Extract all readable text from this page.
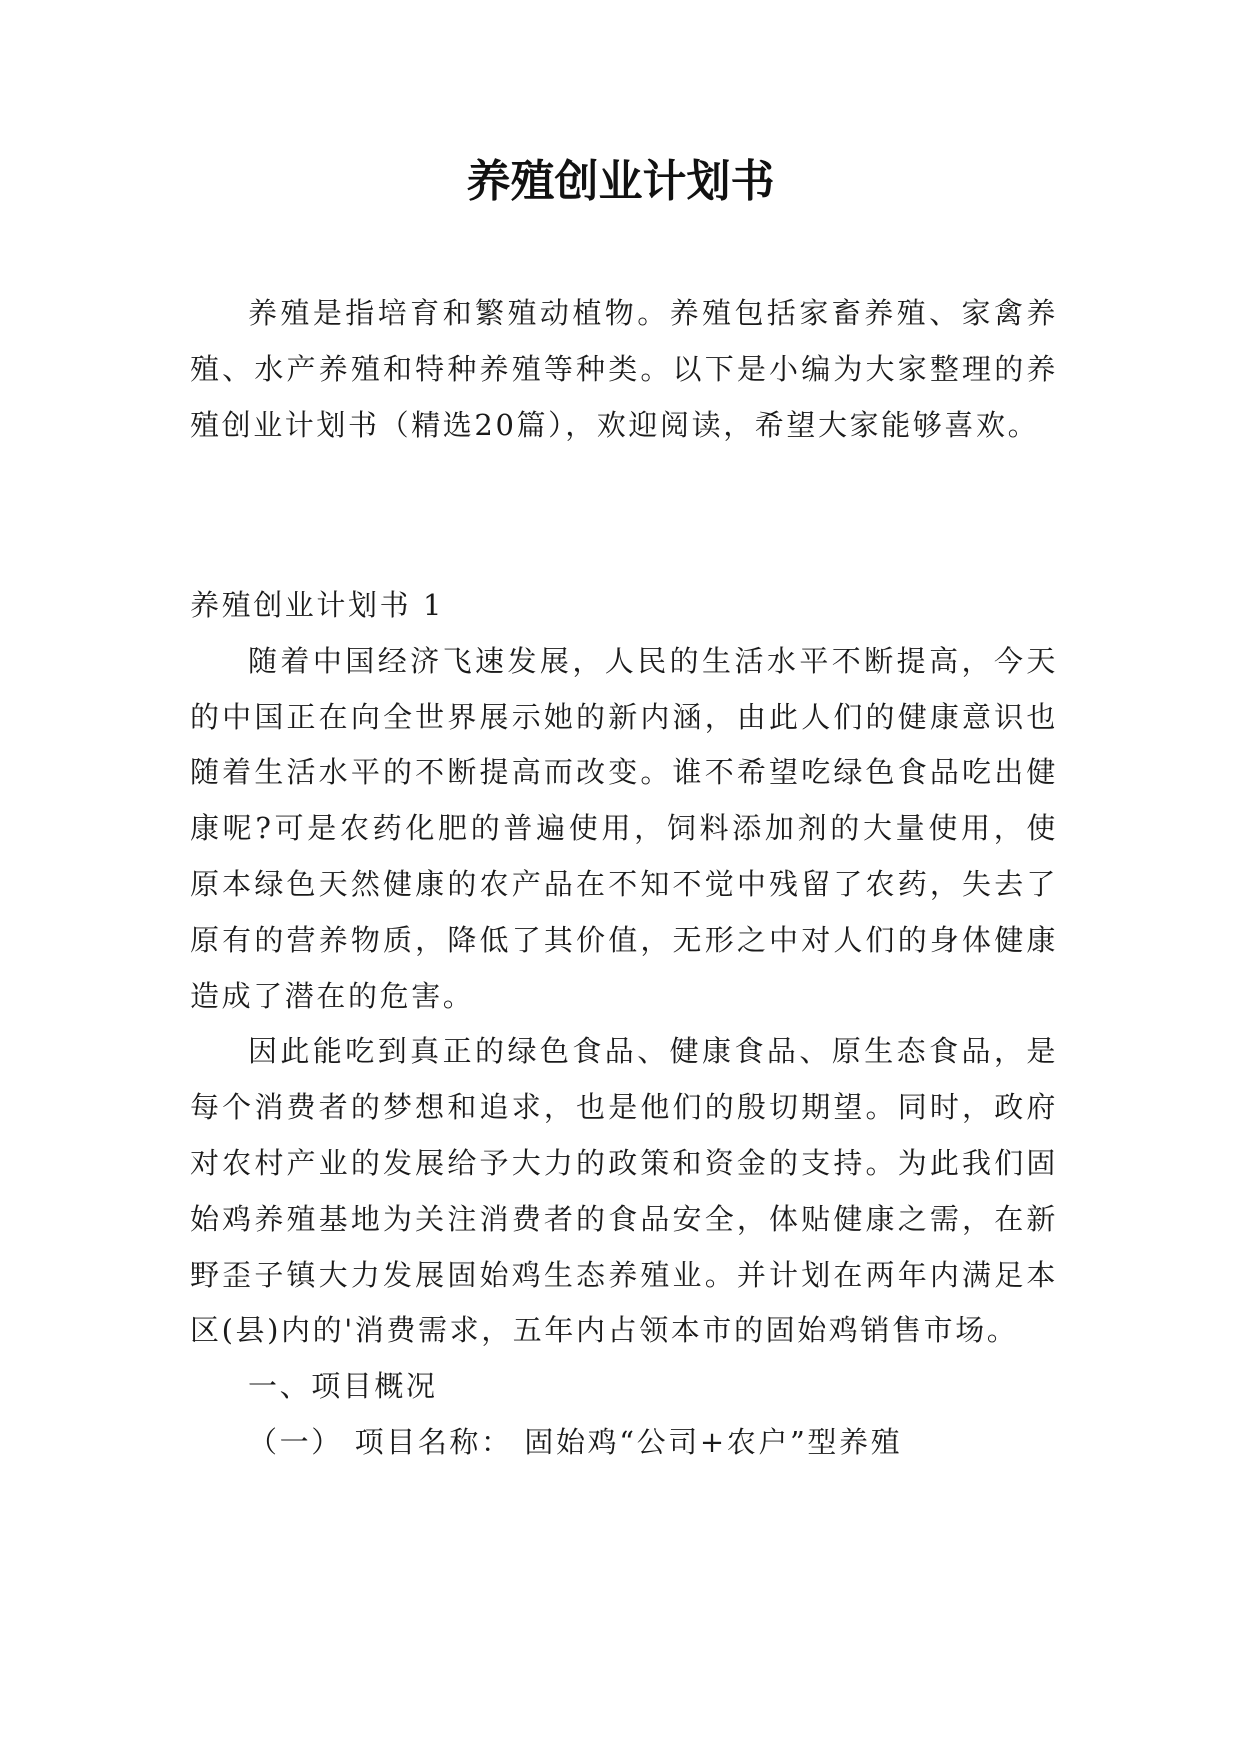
养殖创业计划书

养殖是指培育和繁殖动植物。养殖包括家畜养殖、家禽养殖、水产养殖和特种养殖等种类。以下是小编为大家整理的养殖创业计划书（精选20篇），欢迎阅读，希望大家能够喜欢。

养殖创业计划书 1

随着中国经济飞速发展，人民的生活水平不断提高，今天的中国正在向全世界展示她的新内涵，由此人们的健康意识也随着生活水平的不断提高而改变。谁不希望吃绿色食品吃出健康呢?可是农药化肥的普遍使用，饲料添加剂的大量使用，使原本绿色天然健康的农产品在不知不觉中残留了农药，失去了原有的营养物质，降低了其价值，无形之中对人们的身体健康造成了潜在的危害。

因此能吃到真正的绿色食品、健康食品、原生态食品，是每个消费者的梦想和追求，也是他们的殷切期望。同时，政府对农村产业的发展给予大力的政策和资金的支持。为此我们固始鸡养殖基地为关注消费者的食品安全，体贴健康之需，在新野歪子镇大力发展固始鸡生态养殖业。并计划在两年内满足本区(县)内的'消费需求，五年内占领本市的固始鸡销售市场。

一、项目概况

（一） 项目名称： 固始鸡“公司+农户”型养殖
